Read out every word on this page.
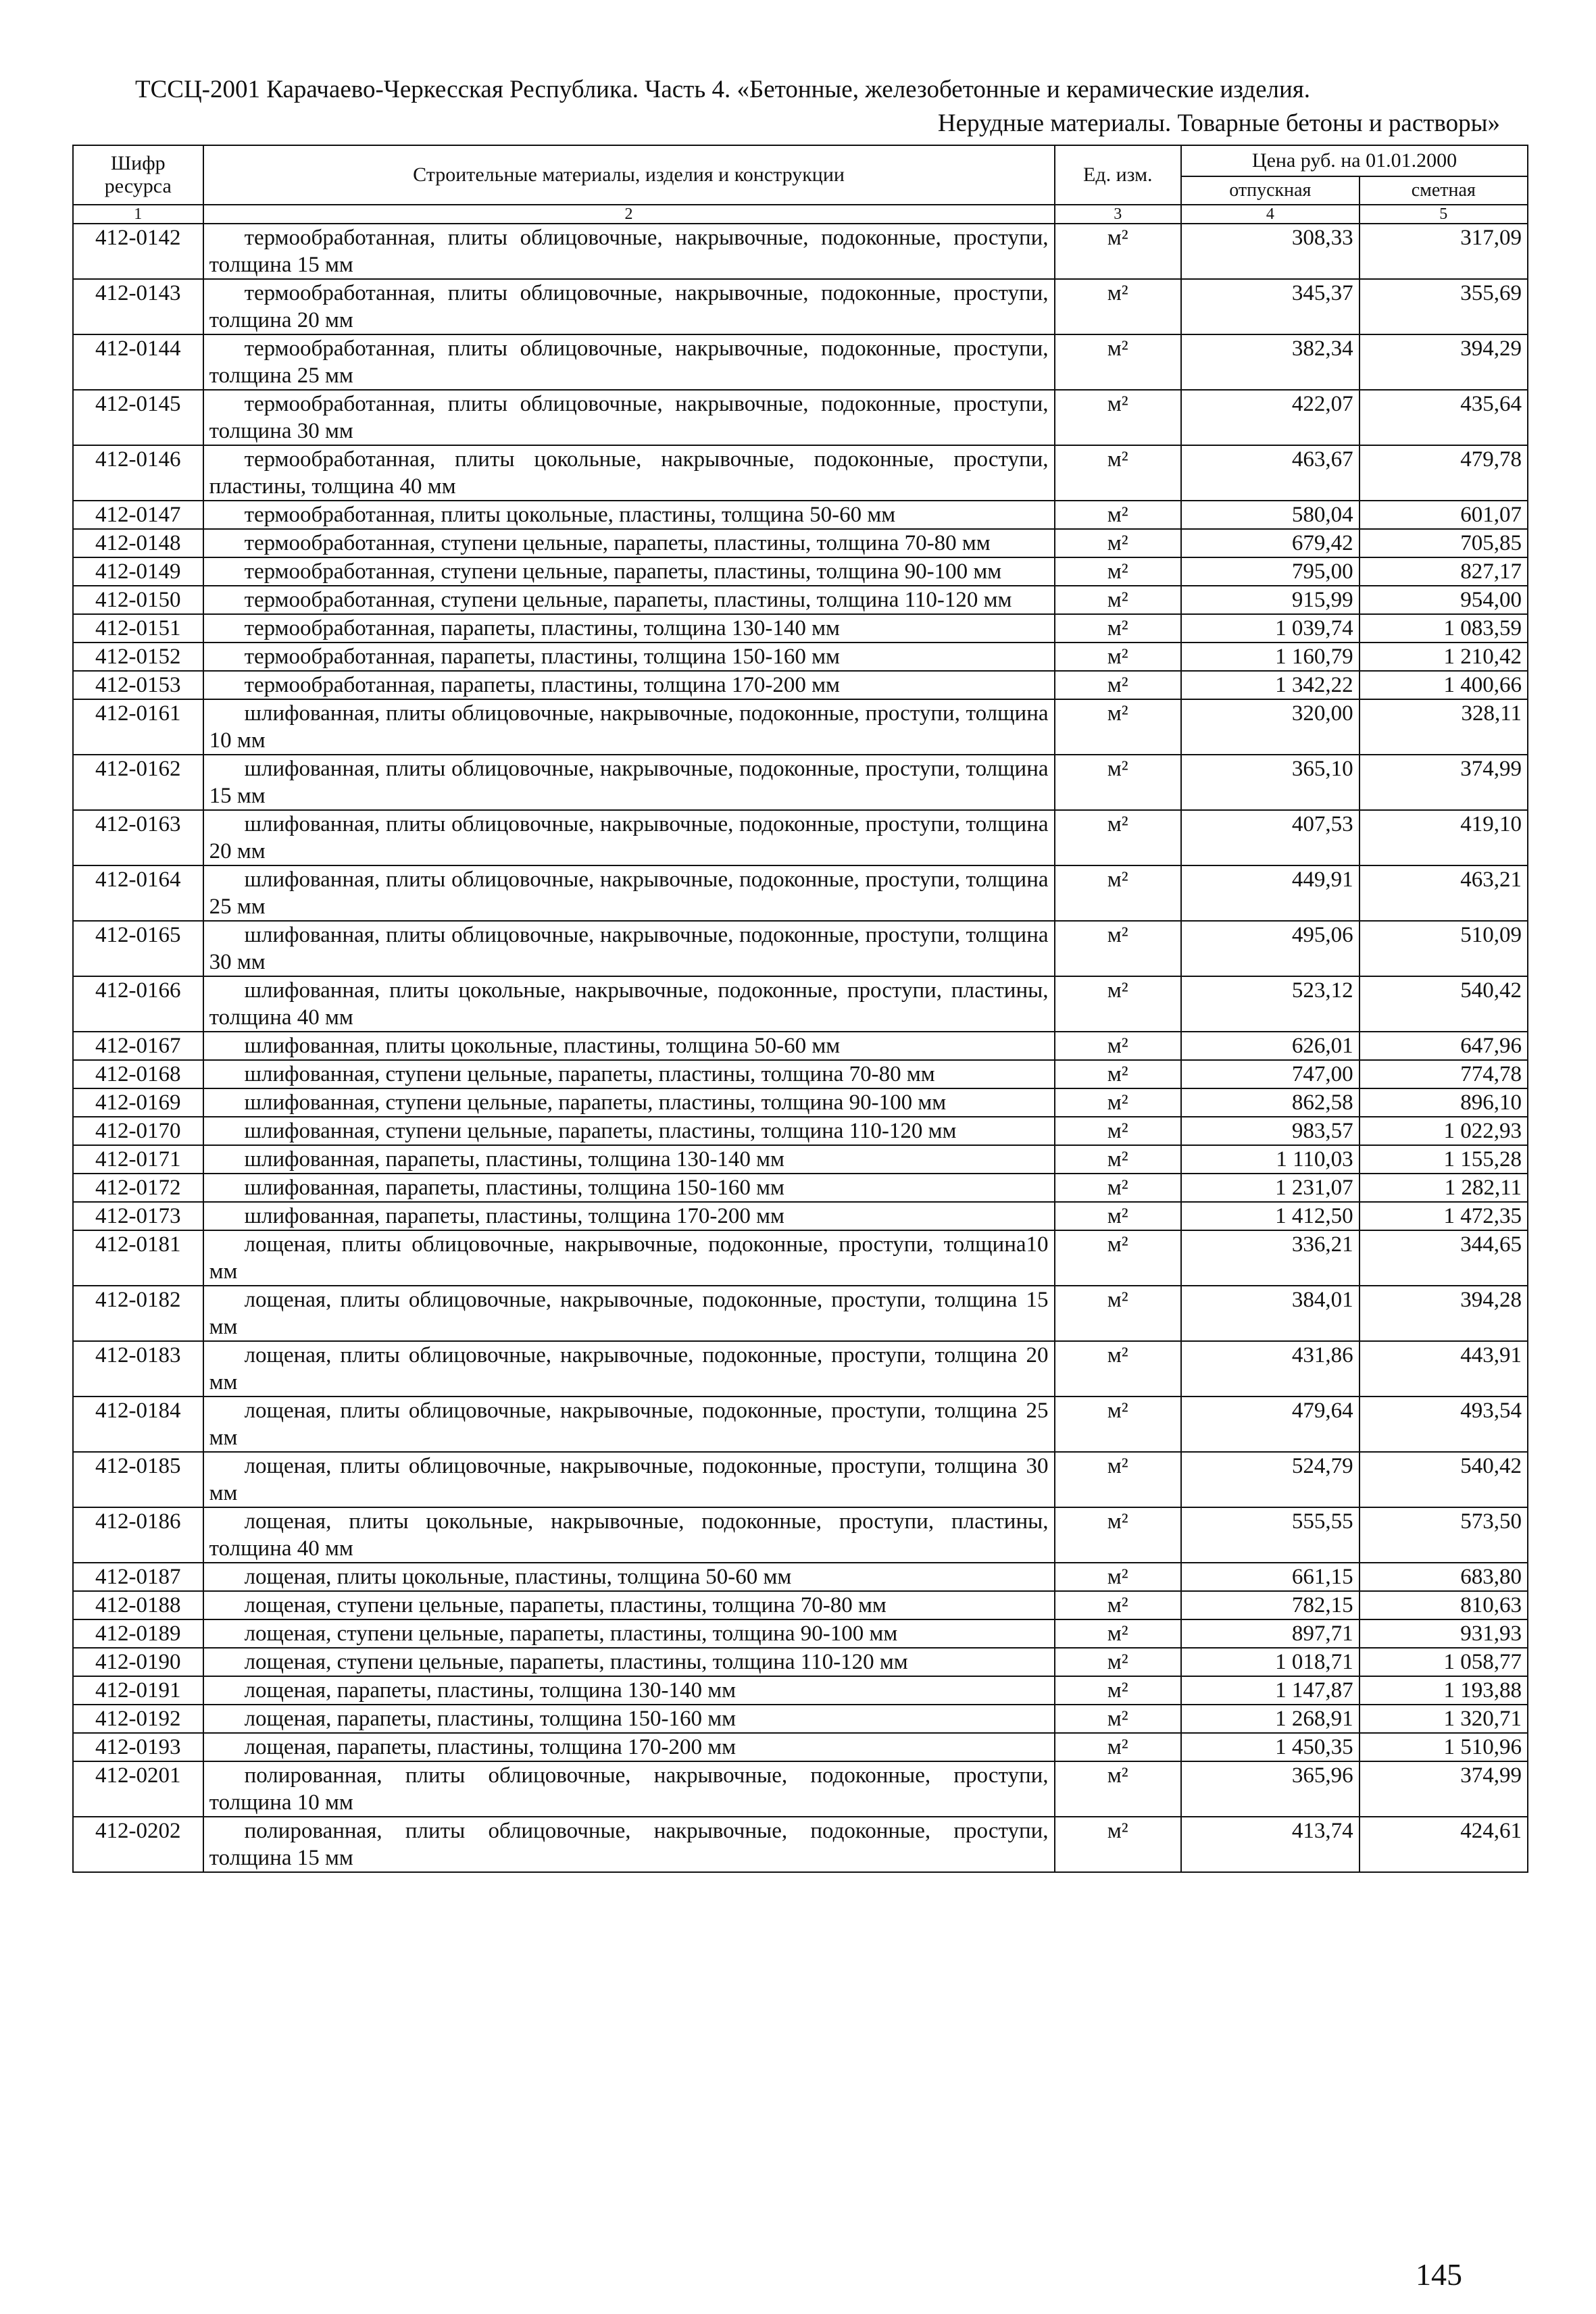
ТССЦ-2001 Карачаево-Черкесская Республика. Часть 4. «Бетонные, железобетонные и керамические изделия.
Нерудные материалы. Товарные бетоны и растворы»
Шифр ресурса	Строительные материалы, изделия и конструкции	Ед. изм.	Цена руб. на 01.01.2000	
			отпускная	сметная
1	2	3	4	5
412-0142	термообработанная, плиты облицовочные, накрывочные, подоконные, проступи, толщина 15 мм	м²	308,33	317,09
412-0143	термообработанная, плиты облицовочные, накрывочные, подоконные, проступи, толщина 20 мм	м²	345,37	355,69
412-0144	термообработанная, плиты облицовочные, накрывочные, подоконные, проступи, толщина 25 мм	м²	382,34	394,29
412-0145	термообработанная, плиты облицовочные, накрывочные, подоконные, проступи, толщина 30 мм	м²	422,07	435,64
412-0146	термообработанная, плиты цокольные, накрывочные, подоконные, проступи, пластины, толщина 40 мм	м²	463,67	479,78
412-0147	термообработанная, плиты цокольные, пластины, толщина 50-60 мм	м²	580,04	601,07
412-0148	термообработанная, ступени цельные, парапеты, пластины, толщина 70-80 мм	м²	679,42	705,85
412-0149	термообработанная, ступени цельные, парапеты, пластины, толщина 90-100 мм	м²	795,00	827,17
412-0150	термообработанная, ступени цельные, парапеты, пластины, толщина 110-120 мм	м²	915,99	954,00
412-0151	термообработанная, парапеты, пластины, толщина 130-140 мм	м²	1 039,74	1 083,59
412-0152	термообработанная, парапеты, пластины, толщина 150-160 мм	м²	1 160,79	1 210,42
412-0153	термообработанная, парапеты, пластины, толщина 170-200 мм	м²	1 342,22	1 400,66
412-0161	шлифованная, плиты облицовочные, накрывочные, подоконные, проступи, толщина 10 мм	м²	320,00	328,11
412-0162	шлифованная, плиты облицовочные, накрывочные, подоконные, проступи, толщина 15 мм	м²	365,10	374,99
412-0163	шлифованная, плиты облицовочные, накрывочные, подоконные, проступи, толщина 20 мм	м²	407,53	419,10
412-0164	шлифованная, плиты облицовочные, накрывочные, подоконные, проступи, толщина 25 мм	м²	449,91	463,21
412-0165	шлифованная, плиты облицовочные, накрывочные, подоконные, проступи, толщина 30 мм	м²	495,06	510,09
412-0166	шлифованная, плиты цокольные, накрывочные, подоконные, проступи, пластины, толщина 40 мм	м²	523,12	540,42
412-0167	шлифованная, плиты цокольные, пластины, толщина 50-60 мм	м²	626,01	647,96
412-0168	шлифованная, ступени цельные, парапеты, пластины, толщина 70-80 мм	м²	747,00	774,78
412-0169	шлифованная, ступени цельные, парапеты, пластины, толщина 90-100 мм	м²	862,58	896,10
412-0170	шлифованная, ступени цельные, парапеты, пластины, толщина 110-120 мм	м²	983,57	1 022,93
412-0171	шлифованная, парапеты, пластины, толщина 130-140 мм	м²	1 110,03	1 155,28
412-0172	шлифованная, парапеты, пластины, толщина 150-160 мм	м²	1 231,07	1 282,11
412-0173	шлифованная, парапеты, пластины, толщина 170-200 мм	м²	1 412,50	1 472,35
412-0181	лощеная, плиты облицовочные, накрывочные, подоконные, проступи, толщина10 мм	м²	336,21	344,65
412-0182	лощеная, плиты облицовочные, накрывочные, подоконные, проступи, толщина 15 мм	м²	384,01	394,28
412-0183	лощеная, плиты облицовочные, накрывочные, подоконные, проступи, толщина 20 мм	м²	431,86	443,91
412-0184	лощеная, плиты облицовочные, накрывочные, подоконные, проступи, толщина 25 мм	м²	479,64	493,54
412-0185	лощеная, плиты облицовочные, накрывочные, подоконные, проступи, толщина 30 мм	м²	524,79	540,42
412-0186	лощеная, плиты цокольные, накрывочные, подоконные, проступи, пластины, толщина 40 мм	м²	555,55	573,50
412-0187	лощеная, плиты цокольные, пластины, толщина 50-60 мм	м²	661,15	683,80
412-0188	лощеная, ступени цельные, парапеты, пластины, толщина 70-80 мм	м²	782,15	810,63
412-0189	лощеная, ступени цельные, парапеты, пластины, толщина 90-100 мм	м²	897,71	931,93
412-0190	лощеная, ступени цельные, парапеты, пластины, толщина 110-120 мм	м²	1 018,71	1 058,77
412-0191	лощеная, парапеты, пластины, толщина 130-140 мм	м²	1 147,87	1 193,88
412-0192	лощеная, парапеты, пластины, толщина 150-160 мм	м²	1 268,91	1 320,71
412-0193	лощеная, парапеты, пластины, толщина 170-200 мм	м²	1 450,35	1 510,96
412-0201	полированная, плиты облицовочные, накрывочные, подоконные, проступи, толщина 10 мм	м²	365,96	374,99
412-0202	полированная, плиты облицовочные, накрывочные, подоконные, проступи, толщина 15 мм	м²	413,74	424,61
145
